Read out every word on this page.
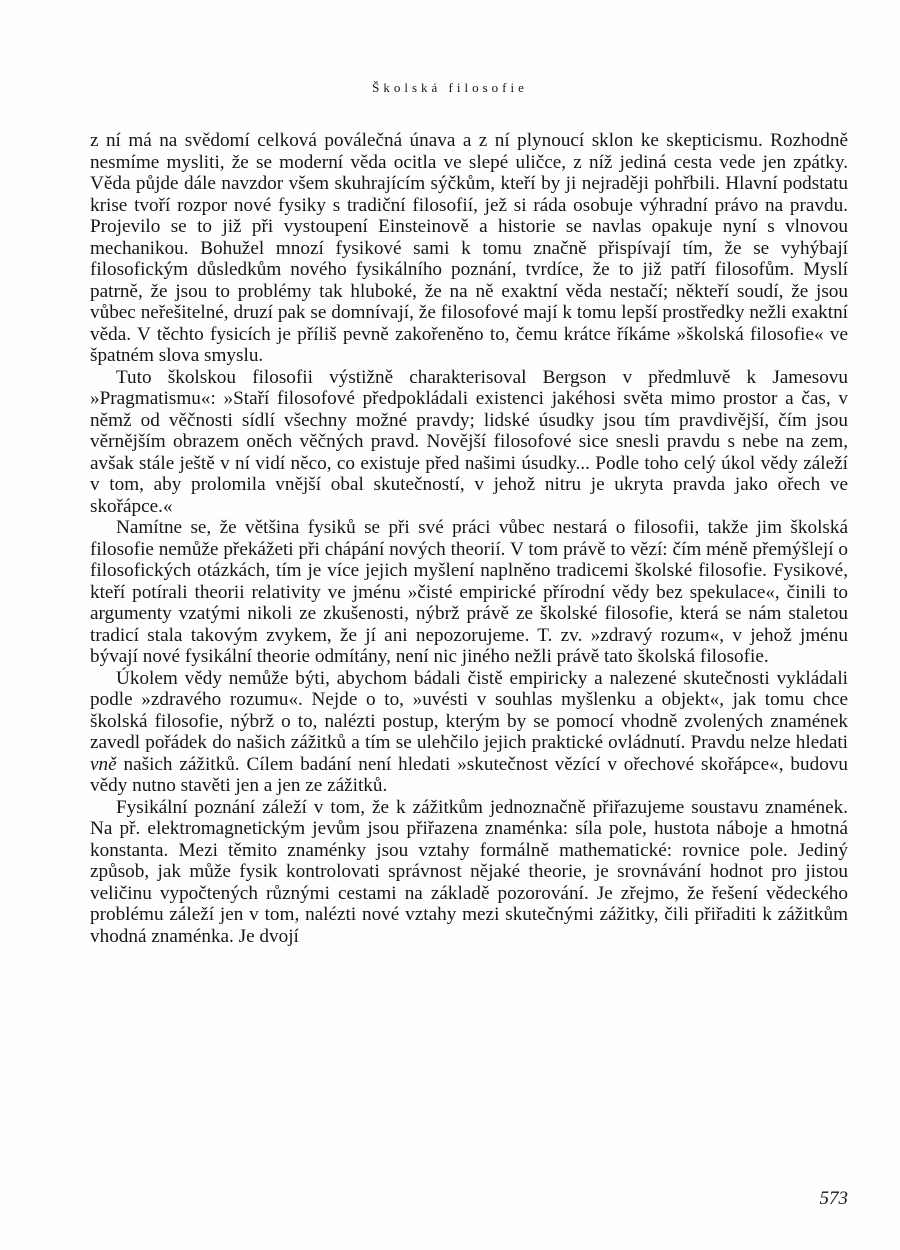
Školská filosofie

z ní má na svědomí celková poválečná únava a z ní plynoucí sklon ke skepticismu. Rozhodně nesmíme mysliti, že se moderní věda ocitla ve slepé uličce, z níž jediná cesta vede jen zpátky. Věda půjde dále navzdor všem skuhrajícím sýčkům, kteří by ji nejraději pohřbili. Hlavní podstatu krise tvoří rozpor nové fysiky s tradiční filosofií, jež si ráda osobuje výhradní právo na pravdu. Projevilo se to již při vystoupení Einsteinově a historie se navlas opakuje nyní s vlnovou mechanikou. Bohužel mnozí fysikové sami k tomu značně přispívají tím, že se vyhýbají filosofickým důsledkům nového fysikálního poznání, tvrdíce, že to již patří filosofům. Myslí patrně, že jsou to problémy tak hluboké, že na ně exaktní věda nestačí; někteří soudí, že jsou vůbec neřešitelné, druzí pak se domnívají, že filosofové mají k tomu lepší prostředky nežli exaktní věda. V těchto fysicích je příliš pevně zakořeněno to, čemu krátce říkáme »školská filosofie« ve špatném slova smyslu.

Tuto školskou filosofii výstižně charakterisoval Bergson v předmluvě k Jamesovu »Pragmatismu«: »Staří filosofové předpokládali existenci jakéhosi světa mimo prostor a čas, v němž od věčnosti sídlí všechny možné pravdy; lidské úsudky jsou tím pravdivější, čím jsou věrnějším obrazem oněch věčných pravd. Novější filosofové sice snesli pravdu s nebe na zem, avšak stále ještě v ní vidí něco, co existuje před našimi úsudky... Podle toho celý úkol vědy záleží v tom, aby prolomila vnější obal skutečností, v jehož nitru je ukryta pravda jako ořech ve skořápce.«

Namítne se, že většina fysiků se při své práci vůbec nestará o filosofii, takže jim školská filosofie nemůže překážeti při chápání nových theorií. V tom právě to vězí: čím méně přemýšlejí o filosofických otázkách, tím je více jejich myšlení naplněno tradicemi školské filosofie. Fysikové, kteří potírali theorii relativity ve jménu »čisté empirické přírodní vědy bez spekulace«, činili to argumenty vzatými nikoli ze zkušenosti, nýbrž právě ze školské filosofie, která se nám staletou tradicí stala takovým zvykem, že jí ani nepozorujeme. T. zv. »zdravý rozum«, v jehož jménu bývají nové fysikální theorie odmítány, není nic jiného nežli právě tato školská filosofie.

Úkolem vědy nemůže býti, abychom bádali čistě empiricky a nalezené skutečnosti vykládali podle »zdravého rozumu«. Nejde o to, »uvésti v souhlas myšlenku a objekt«, jak tomu chce školská filosofie, nýbrž o to, nalézti postup, kterým by se pomocí vhodně zvolených znamének zavedl pořádek do našich zážitků a tím se ulehčilo jejich praktické ovládnutí. Pravdu nelze hledati vně našich zážitků. Cílem badání není hledati »skutečnost vězící v ořechové skořápce«, budovu vědy nutno stavěti jen a jen ze zážitků.

Fysikální poznání záleží v tom, že k zážitkům jednoznačně přiřazujeme soustavu znamének. Na př. elektromagnetickým jevům jsou přiřazena znaménka: síla pole, hustota náboje a hmotná konstanta. Mezi těmito znaménky jsou vztahy formálně mathematické: rovnice pole. Jediný způsob, jak může fysik kontrolovati správnost nějaké theorie, je srovnávání hodnot pro jistou veličinu vypočtených různými cestami na základě pozorování. Je zřejmo, že řešení vědeckého problému záleží jen v tom, nalézti nové vztahy mezi skutečnými zážitky, čili přiřaditi k zážitkům vhodná znaménka. Je dvojí

573
